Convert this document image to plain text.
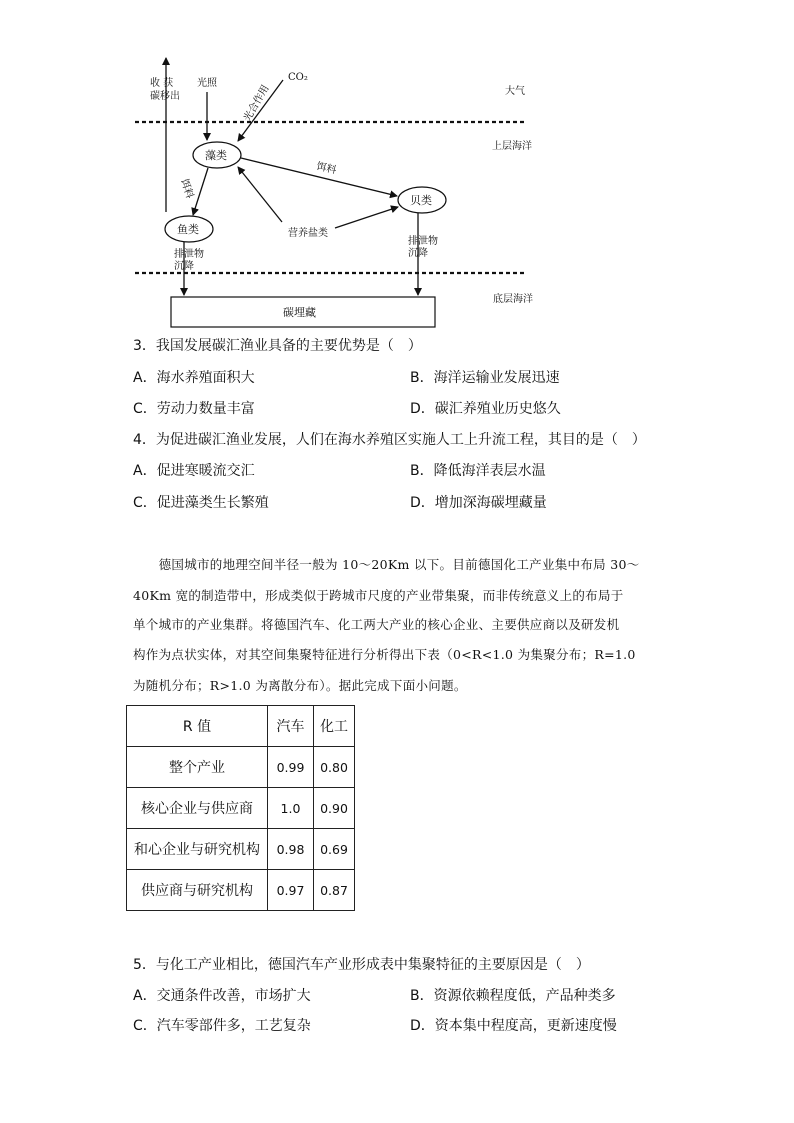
大气
上层海洋
底层海洋
收 获
碳移出
光照
CO₂
光合作用
藻类
贝类
鱼类
饵料
饵料
营养盐类
排泄物
沉降
排泄物
沉降
碳埋藏
3．我国发展碳汇渔业具备的主要优势是（　）
A．海水养殖面积大	B．海洋运输业发展迅速
C．劳动力数量丰富	D．碳汇养殖业历史悠久
4．为促进碳汇渔业发展，人们在海水养殖区实施人工上升流工程，其目的是（　）
A．促进寒暖流交汇	B．降低海洋表层水温
C．促进藻类生长繁殖	D．增加深海碳埋藏量
　　德国城市的地理空间半径一般为 10～20Km 以下。目前德国化工产业集中布局 30～
40Km 宽的制造带中，形成类似于跨城市尺度的产业带集聚，而非传统意义上的布局于
单个城市的产业集群。将德国汽车、化工两大产业的核心企业、主要供应商以及研发机
构作为点状实体，对其空间集聚特征进行分析得出下表（0<R<1.0 为集聚分布；R=1.0
为随机分布；R>1.0 为离散分布）。据此完成下面小问题。
R 值	汽车	化工
整个产业	0.99	0.80
核心企业与供应商	1.0	0.90
和心企业与研究机构	0.98	0.69
供应商与研究机构	0.97	0.87
5．与化工产业相比，德国汽车产业形成表中集聚特征的主要原因是（　）
A．交通条件改善，市场扩大	B．资源依赖程度低，产品种类多
C．汽车零部件多，工艺复杂	D．资本集中程度高，更新速度慢
